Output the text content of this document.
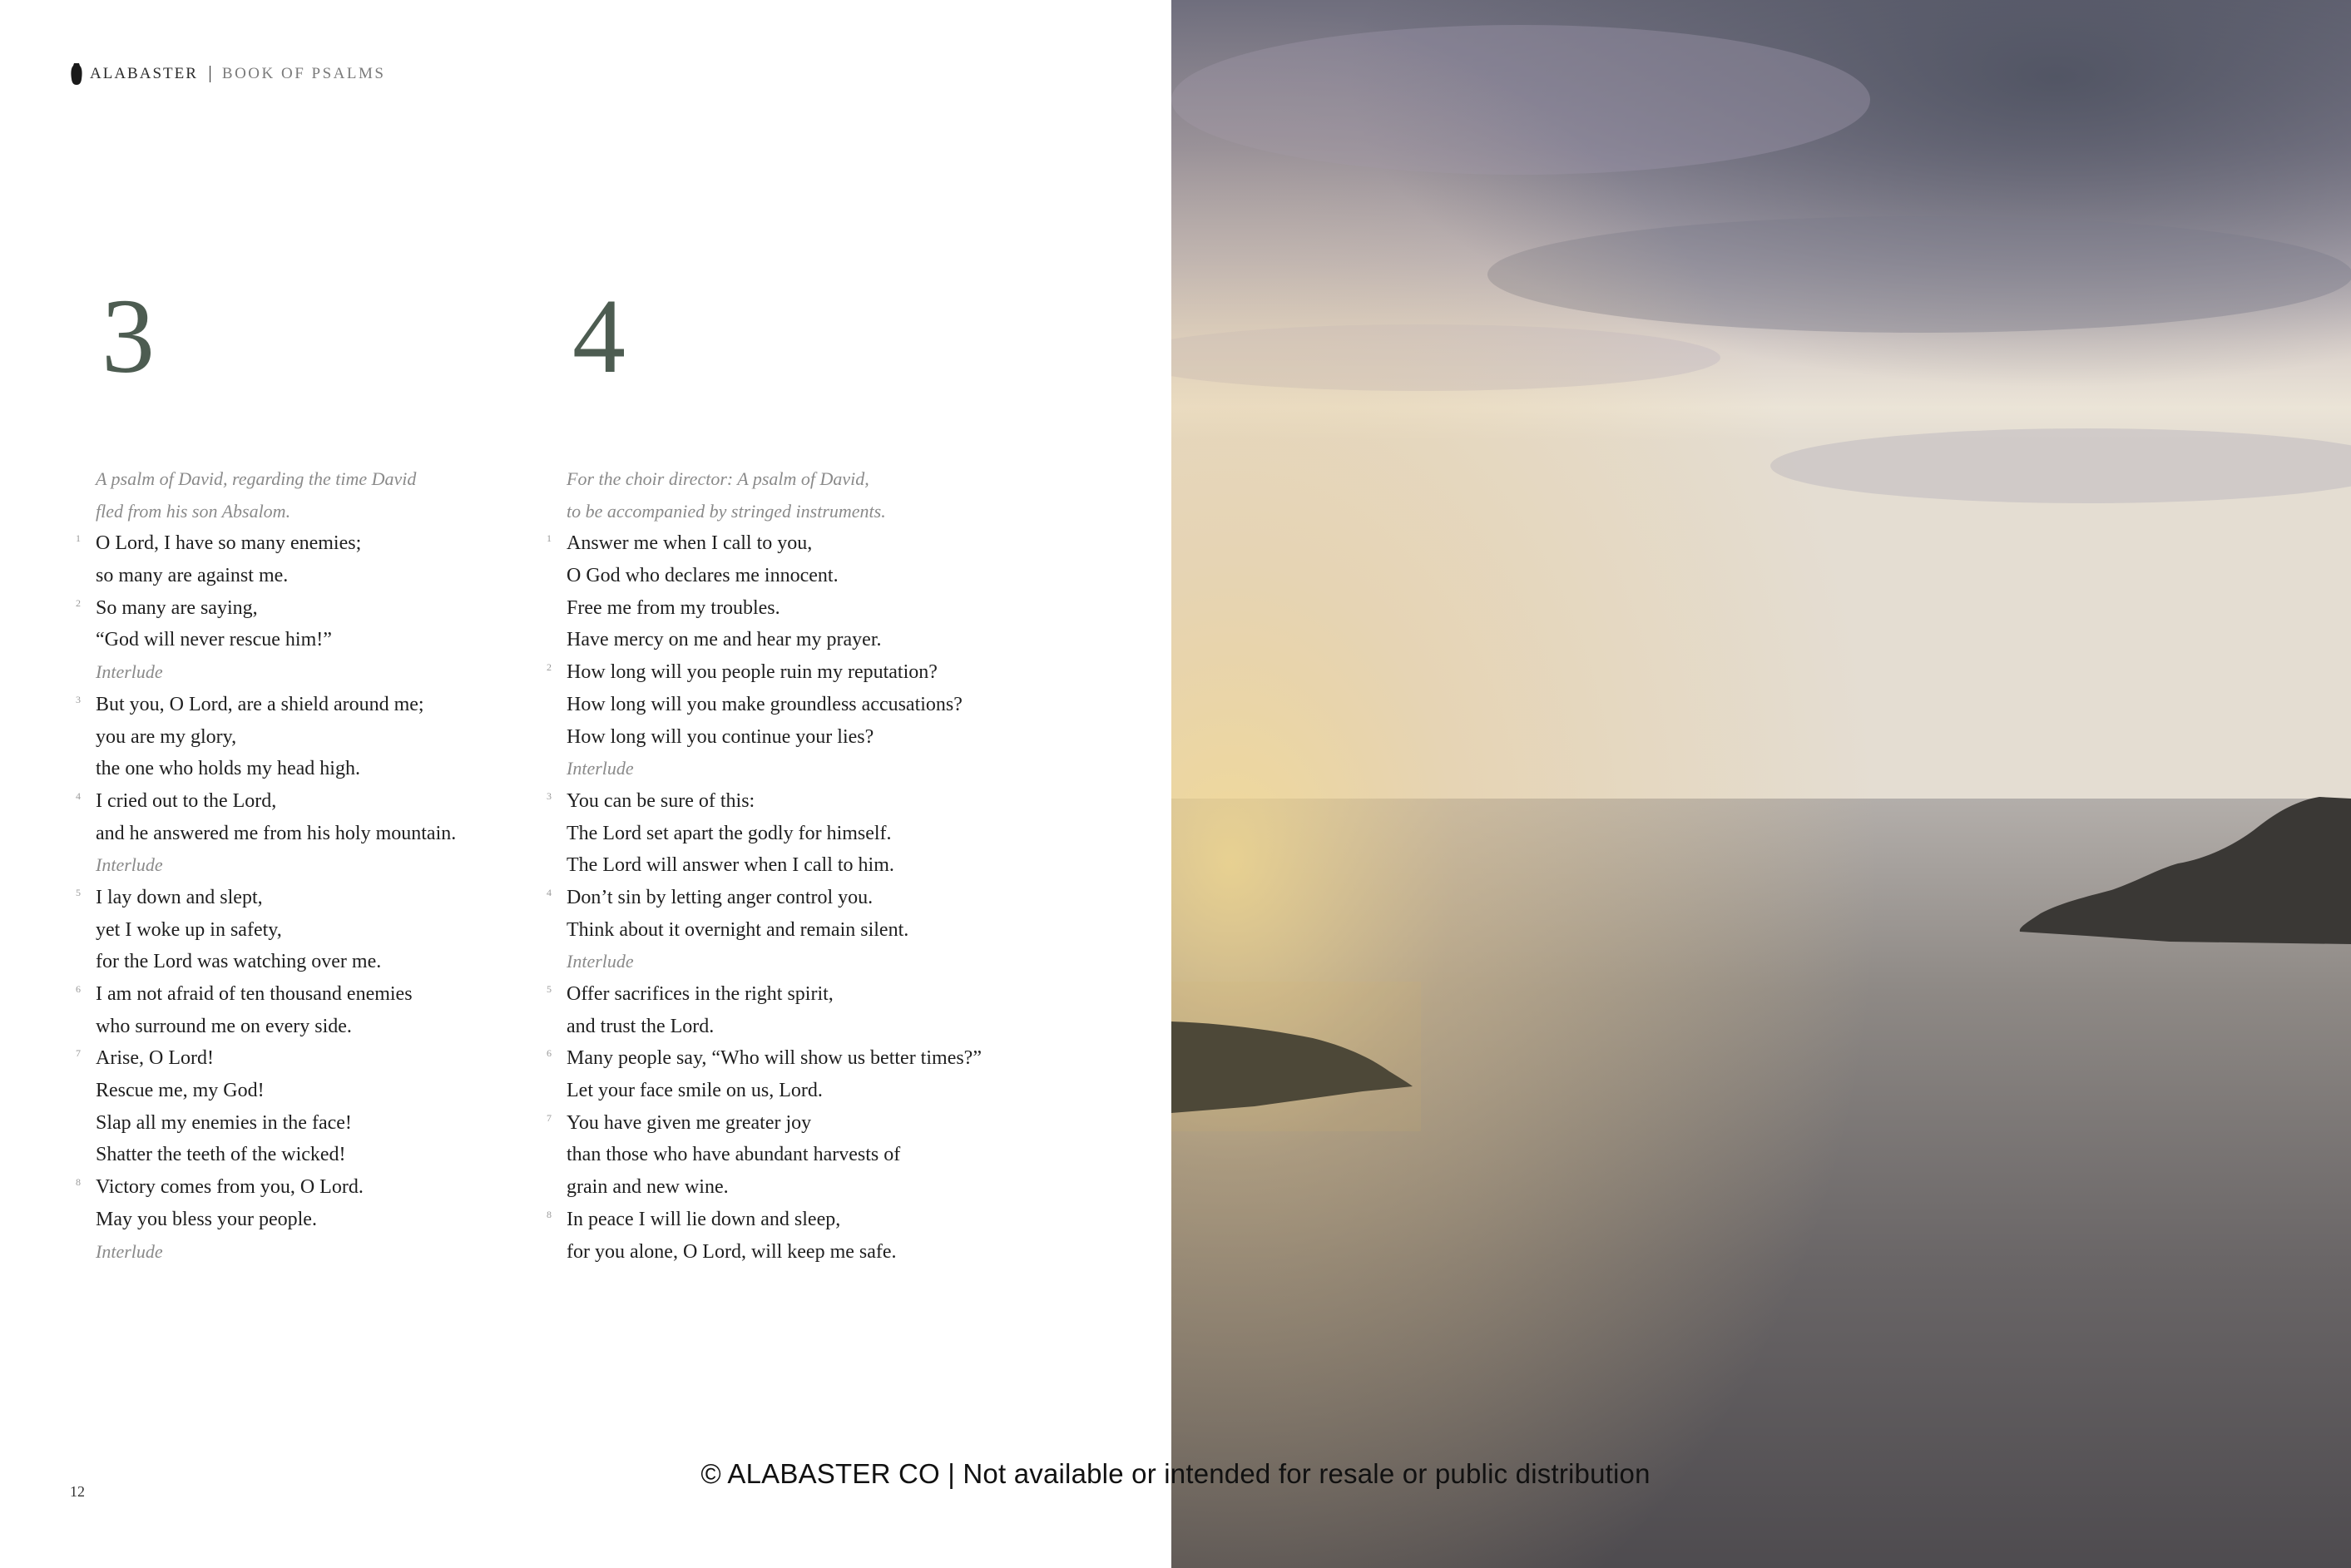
ALABASTER BOOK OF PSALMS
3
A psalm of David, regarding the time David
fled from his son Absalom.
1 O Lord, I have so many enemies;
so many are against me.
2 So many are saying,
“God will never rescue him!”
Interlude
3 But you, O Lord, are a shield around me;
you are my glory,
the one who holds my head high.
4 I cried out to the Lord,
and he answered me from his holy mountain.
Interlude
5 I lay down and slept,
yet I woke up in safety,
for the Lord was watching over me.
6 I am not afraid of ten thousand enemies
who surround me on every side.
7 Arise, O Lord!
Rescue me, my God!
Slap all my enemies in the face!
Shatter the teeth of the wicked!
8 Victory comes from you, O Lord.
May you bless your people.
Interlude
4
For the choir director: A psalm of David,
to be accompanied by stringed instruments.
1 Answer me when I call to you,
O God who declares me innocent.
Free me from my troubles.
Have mercy on me and hear my prayer.
2 How long will you people ruin my reputation?
How long will you make groundless accusations?
How long will you continue your lies?
Interlude
3 You can be sure of this:
The Lord set apart the godly for himself.
The Lord will answer when I call to him.
4 Don’t sin by letting anger control you.
Think about it overnight and remain silent.
Interlude
5 Offer sacrifices in the right spirit,
and trust the Lord.
6 Many people say, “Who will show us better times?”
Let your face smile on us, Lord.
7 You have given me greater joy
than those who have abundant harvests of
grain and new wine.
8 In peace I will lie down and sleep,
for you alone, O Lord, will keep me safe.
12
© ALABASTER CO | Not available or intended for resale or public distribution
